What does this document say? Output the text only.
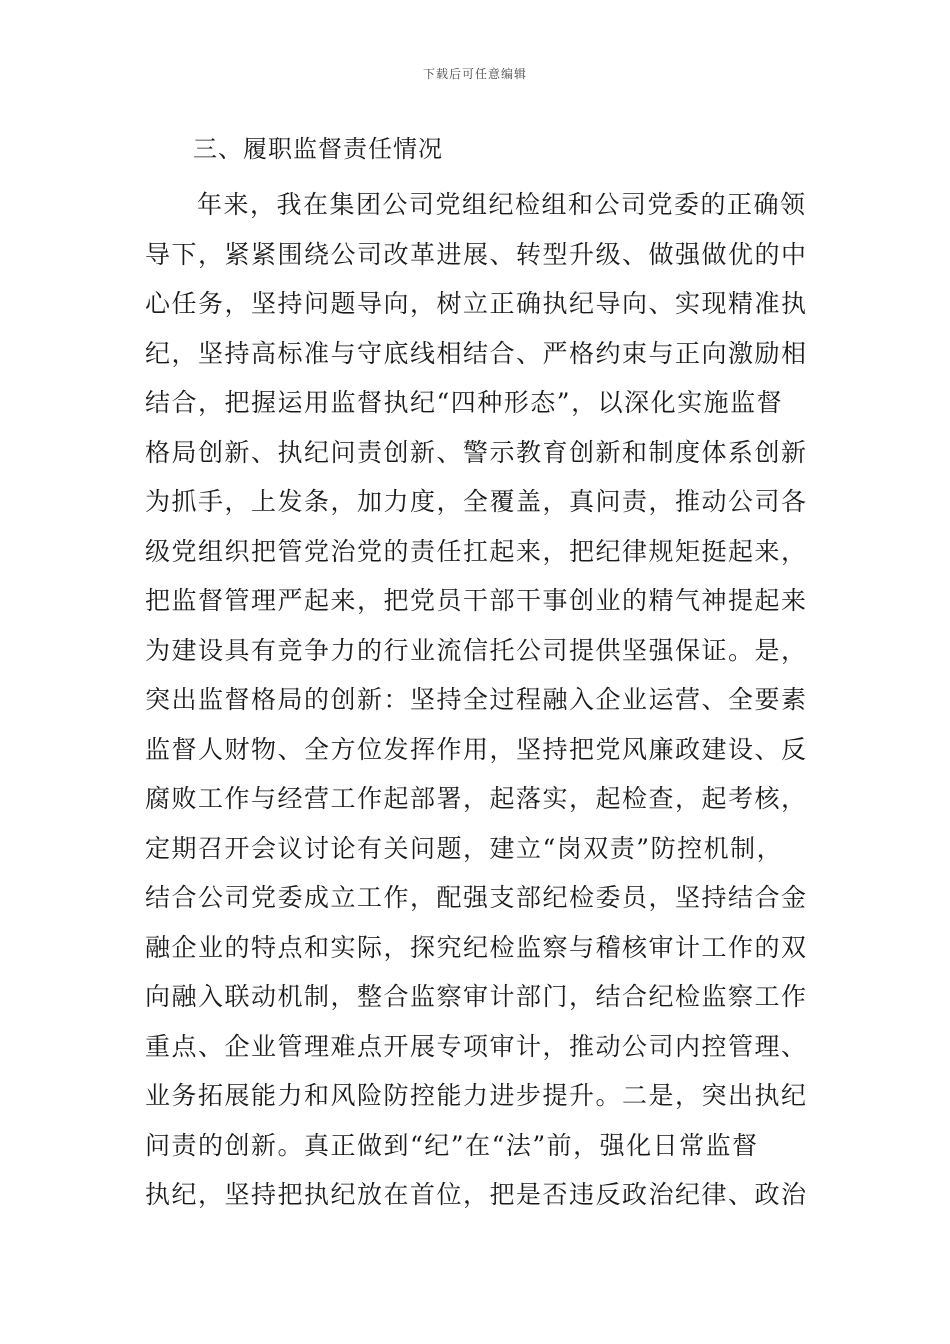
下载后可任意编辑
三、履职监督责任情况
年来，我在集团公司党组纪检组和公司党委的正确领
导下，紧紧围绕公司改革进展、转型升级、做强做优的中
心任务，坚持问题导向，树立正确执纪导向、实现精准执
纪，坚持高标准与守底线相结合、严格约束与正向激励相
结合，把握运用监督执纪“四种形态”，以深化实施监督
格局创新、执纪问责创新、警示教育创新和制度体系创新
为抓手，上发条，加力度，全覆盖，真问责，推动公司各
级党组织把管党治党的责任扛起来，把纪律规矩挺起来，
把监督管理严起来，把党员干部干事创业的精气神提起来
为建设具有竞争力的行业流信托公司提供坚强保证。是，
突出监督格局的创新：坚持全过程融入企业运营、全要素
监督人财物、全方位发挥作用，坚持把党风廉政建设、反
腐败工作与经营工作起部署，起落实，起检查，起考核，
定期召开会议讨论有关问题，建立“岗双责”防控机制，
结合公司党委成立工作，配强支部纪检委员，坚持结合金
融企业的特点和实际，探究纪检监察与稽核审计工作的双
向融入联动机制，整合监察审计部门，结合纪检监察工作
重点、企业管理难点开展专项审计，推动公司内控管理、
业务拓展能力和风险防控能力进步提升。二是，突出执纪
问责的创新。真正做到“纪”在“法”前，强化日常监督
执纪，坚持把执纪放在首位，把是否违反政治纪律、政治
